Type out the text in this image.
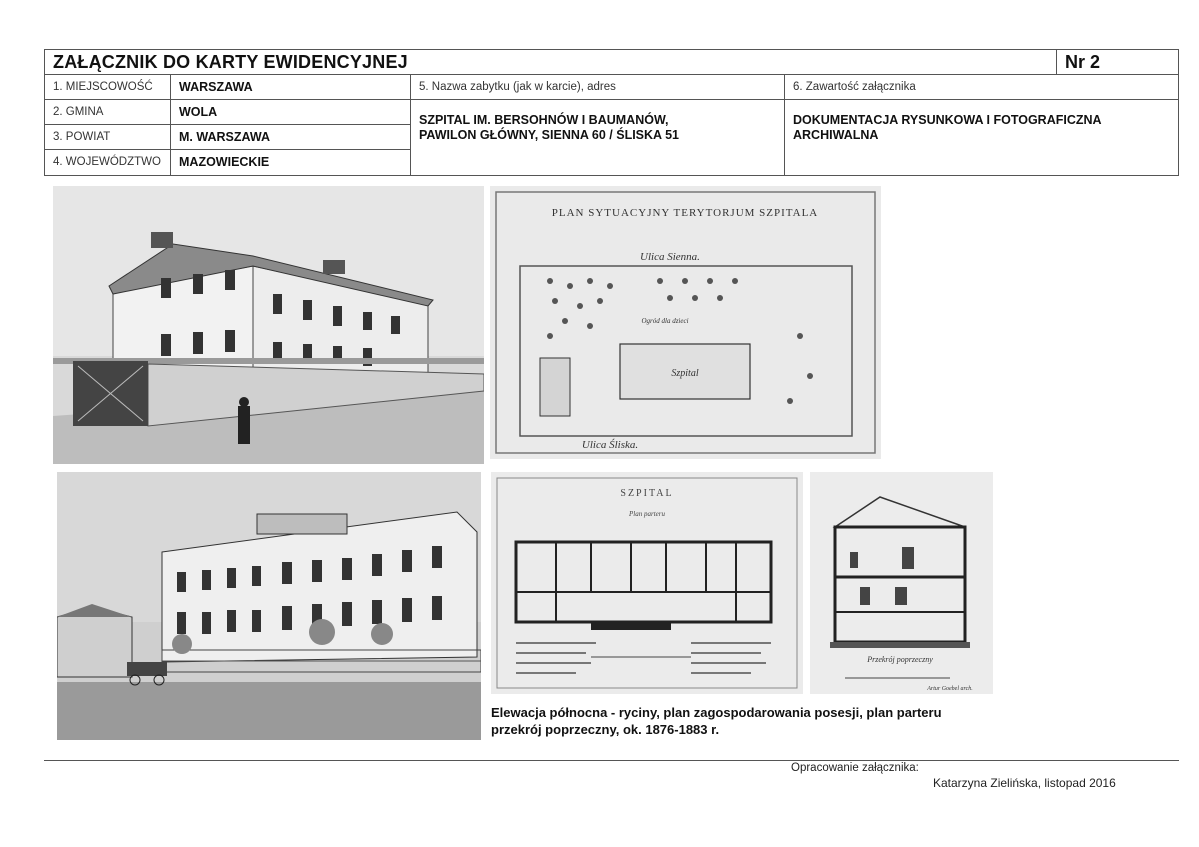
ZAŁĄCZNIK DO KARTY EWIDENCYJNEJ	Nr 2
1. MIEJSCOWOŚĆ	WARSZAWA
2. GMINA	WOLA
3. POWIAT	M. WARSZAWA
4. WOJEWÓDZTWO	MAZOWIECKIE
5. Nazwa zabytku (jak w karcie), adres
SZPITAL IM. BERSOHNÓW I BAUMANÓW,
PAWILON GŁÓWNY, SIENNA 60 / ŚLISKA 51
6. Zawartość załącznika
DOKUMENTACJA RYSUNKOWA I FOTOGRAFICZNA
ARCHIWALNA
PLAN SYTUACYJNY TERYTORJUM SZPITALA
Ulica Sienna.
Szpital
Ogród dla dzieci
Ulica Śliska.
SZPITAL
Plan parteru
Przekrój poprzeczny
Artur Goebel arch.
Elewacja północna - ryciny, plan zagospodarowania posesji, plan parteru
przekrój poprzeczny, ok. 1876-1883 r.
Opracowanie załącznika:
Katarzyna Zielińska, listopad 2016
